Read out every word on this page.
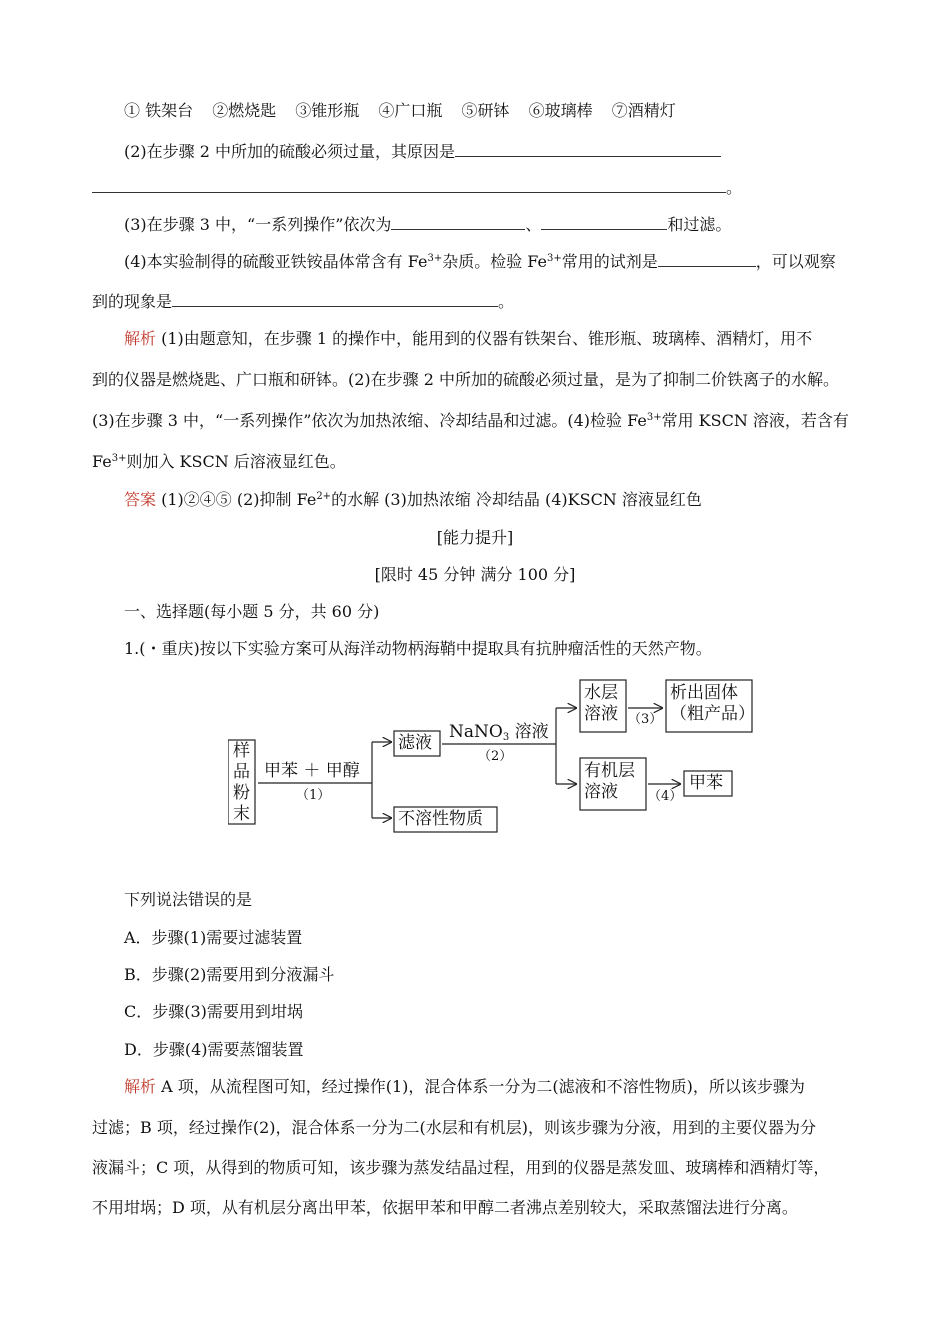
① 铁架台 ②燃烧匙 ③锥形瓶 ④广口瓶 ⑤研钵 ⑥玻璃棒 ⑦酒精灯
(2)在步骤 2 中所加的硫酸必须过量，其原因是
。
(3)在步骤 3 中，“一系列操作”依次为	、	和过滤。
(4)本实验制得的硫酸亚铁铵晶体常含有 $Fe^{3+}$杂质。检验 $Fe^{3+}$常用的试剂是	，可以观察
到的现象是	。
解析 (1)由题意知，在步骤 1 的操作中，能用到的仪器有铁架台、锥形瓶、玻璃棒、酒精灯，用不
到的仪器是燃烧匙、广口瓶和研钵。(2)在步骤 2 中所加的硫酸必须过量，是为了抑制二价铁离子的水解。
(3)在步骤 3 中，“一系列操作”依次为加热浓缩、冷却结晶和过滤。(4)检验 $Fe^{3+}$常用 KSCN 溶液，若含有
$Fe^{3+}$则加入 KSCN 后溶液显红色。
答案 (1)②④⑤ (2)抑制 $Fe^{2+}$的水解 (3)加热浓缩 冷却结晶 (4)KSCN 溶液显红色
[能力提升]
[限时 45 分钟 满分 100 分]
一、选择题(每小题 5 分，共 60 分)
1.(・重庆)按以下实验方案可从海洋动物柄海鞘中提取具有抗肿瘤活性的天然产物。
样
品
粉
末
甲苯 ＋ 甲醇
（1）
滤液
不溶性物质
NaNO$_3$ 溶液
（2）
水层
溶液 （3）
析出固体
（粗产品）
有机层
溶液	（4）
甲苯
下列说法错误的是
A．步骤(1)需要过滤装置
B．步骤(2)需要用到分液漏斗
C．步骤(3)需要用到坩埚
D．步骤(4)需要蒸馏装置
解析 A 项，从流程图可知，经过操作(1)，混合体系一分为二(滤液和不溶性物质)，所以该步骤为
过滤；B 项，经过操作(2)，混合体系一分为二(水层和有机层)，则该步骤为分液，用到的主要仪器为分
液漏斗；C 项，从得到的物质可知，该步骤为蒸发结晶过程，用到的仪器是蒸发皿、玻璃棒和酒精灯等，
不用坩埚；D 项，从有机层分离出甲苯，依据甲苯和甲醇二者沸点差别较大，采取蒸馏法进行分离。
